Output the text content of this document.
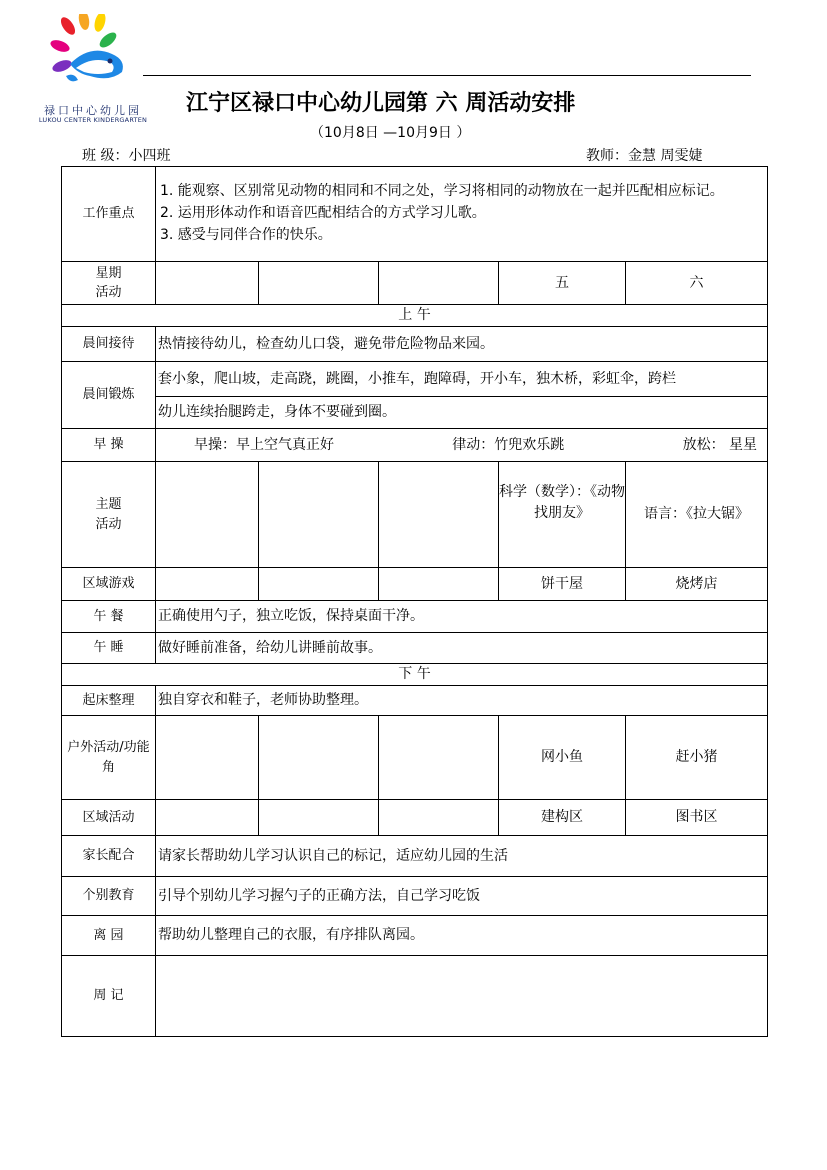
禄口中心幼儿园
LUKOU CENTER KINDERGARTEN
江宁区禄口中心幼儿园第 六 周活动安排
（10月8日 —10月9日 ）
班 级：小四班	教师：金慧 周雯婕
工作重点	1. 能观察、区别常见动物的相同和不同之处，学习将相同的动物放在一起并匹配相应标记。
2. 运用形体动作和语音匹配相结合的方式学习儿歌。
3. 感受与同伴合作的快乐。				

星期
活动				五	六
上 午					
晨间接待	热情接待幼儿，检查幼儿口袋，避免带危险物品来园。				
晨间锻炼	套小象，爬山坡，走高跷，跳圈，小推车，跑障碍，开小车，独木桥，彩虹伞，跨栏				
	幼儿连续抬腿跨走，身体不要碰到圈。				
早 操	早操：早上空气真正好 律动：竹兜欢乐跳 放松： 星星				

主题
活动				科学（数学）：《动物找朋友》	语言：《拉大锯》
区域游戏				饼干屋	烧烤店
午 餐	正确使用勺子，独立吃饭，保持桌面干净。				
午 睡	做好睡前准备，给幼儿讲睡前故事。				
下 午					
起床整理	独自穿衣和鞋子，老师协助整理。				
户外活动/功能角				网小鱼	赶小猪
区域活动				建构区	图书区
家长配合	请家长帮助幼儿学习认识自己的标记，适应幼儿园的生活				
个别教育	引导个别幼儿学习握勺子的正确方法，自己学习吃饭				
离 园	帮助幼儿整理自己的衣服，有序排队离园。				
周 记					
